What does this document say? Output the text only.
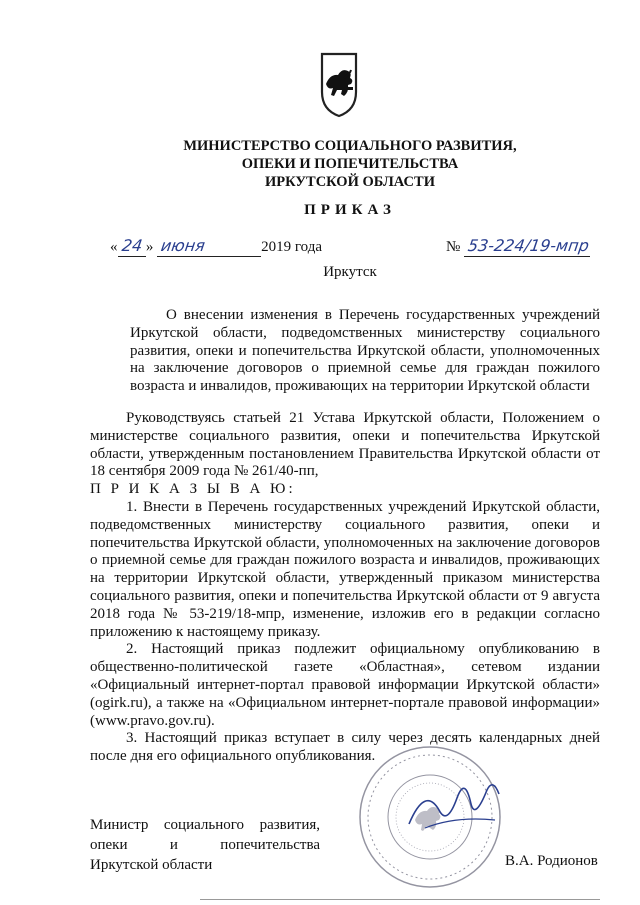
МИНИСТЕРСТВО СОЦИАЛЬНОГО РАЗВИТИЯ,
ОПЕКИ И ПОПЕЧИТЕЛЬСТВА
ИРКУТСКОЙ ОБЛАСТИ
ПРИКАЗ
« 24 » июня	2019 года	№ 53-224/19-мпр
Иркутск
О внесении изменения в Перечень государственных учреждений Иркутской области, подведомственных министерству социального развития, опеки и попечительства Иркутской области, уполномоченных на заключение договоров о приемной семье для граждан пожилого возраста и инвалидов, проживающих на территории Иркутской области

Руководствуясь статьей 21 Устава Иркутской области, Положением о министерстве социального развития, опеки и попечительства Иркутской области, утвержденным постановлением Правительства Иркутской области от 18 сентября 2009 года № 261/40-пп,

П Р И К А З Ы В А Ю:

1. Внести в Перечень государственных учреждений Иркутской области, подведомственных министерству социального развития, опеки и попечительства Иркутской области, уполномоченных на заключение договоров о приемной семье для граждан пожилого возраста и инвалидов, проживающих на территории Иркутской области, утвержденный приказом министерства социального развития, опеки и попечительства Иркутской области от 9 августа 2018 года № 53-219/18-мпр, изменение, изложив его в редакции согласно приложению к настоящему приказу.

2. Настоящий приказ подлежит официальному опубликованию в общественно-политической газете «Областная», сетевом издании «Официальный интернет-портал правовой информации Иркутской области» (ogirk.ru), а также на «Официальном интернет-портале правовой информации» (www.pravo.gov.ru).

3. Настоящий приказ вступает в силу через десять календарных дней после дня его официального опубликования.

Министр социального развития,
опеки и попечительства
Иркутской области	В.А. Родионов
